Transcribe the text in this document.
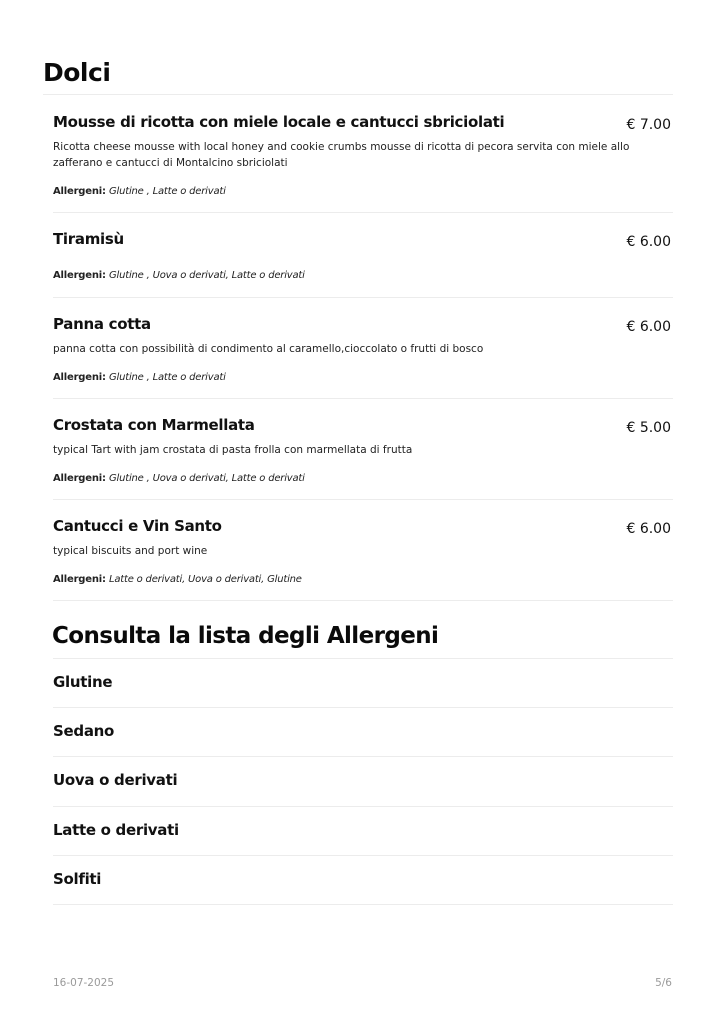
Dolci
Mousse di ricotta con miele locale e cantucci sbriciolati	€ 7.00
Ricotta cheese mousse with local honey and cookie crumbs mousse di ricotta di pecora servita con miele allo zafferano e cantucci di Montalcino sbriciolati
Allergeni: Glutine , Latte o derivati
Tiramisù	€ 6.00
Allergeni: Glutine , Uova o derivati, Latte o derivati
Panna cotta	€ 6.00
panna cotta con possibilità di condimento al caramello,cioccolato o frutti di bosco
Allergeni: Glutine , Latte o derivati
Crostata con Marmellata	€ 5.00
typical Tart with jam crostata di pasta frolla con marmellata di frutta
Allergeni: Glutine , Uova o derivati, Latte o derivati
Cantucci e Vin Santo	€ 6.00
typical biscuits and port wine
Allergeni: Latte o derivati, Uova o derivati, Glutine
Consulta la lista degli Allergeni
Glutine
Sedano
Uova o derivati
Latte o derivati
Solfiti
16-07-2025	5/6
